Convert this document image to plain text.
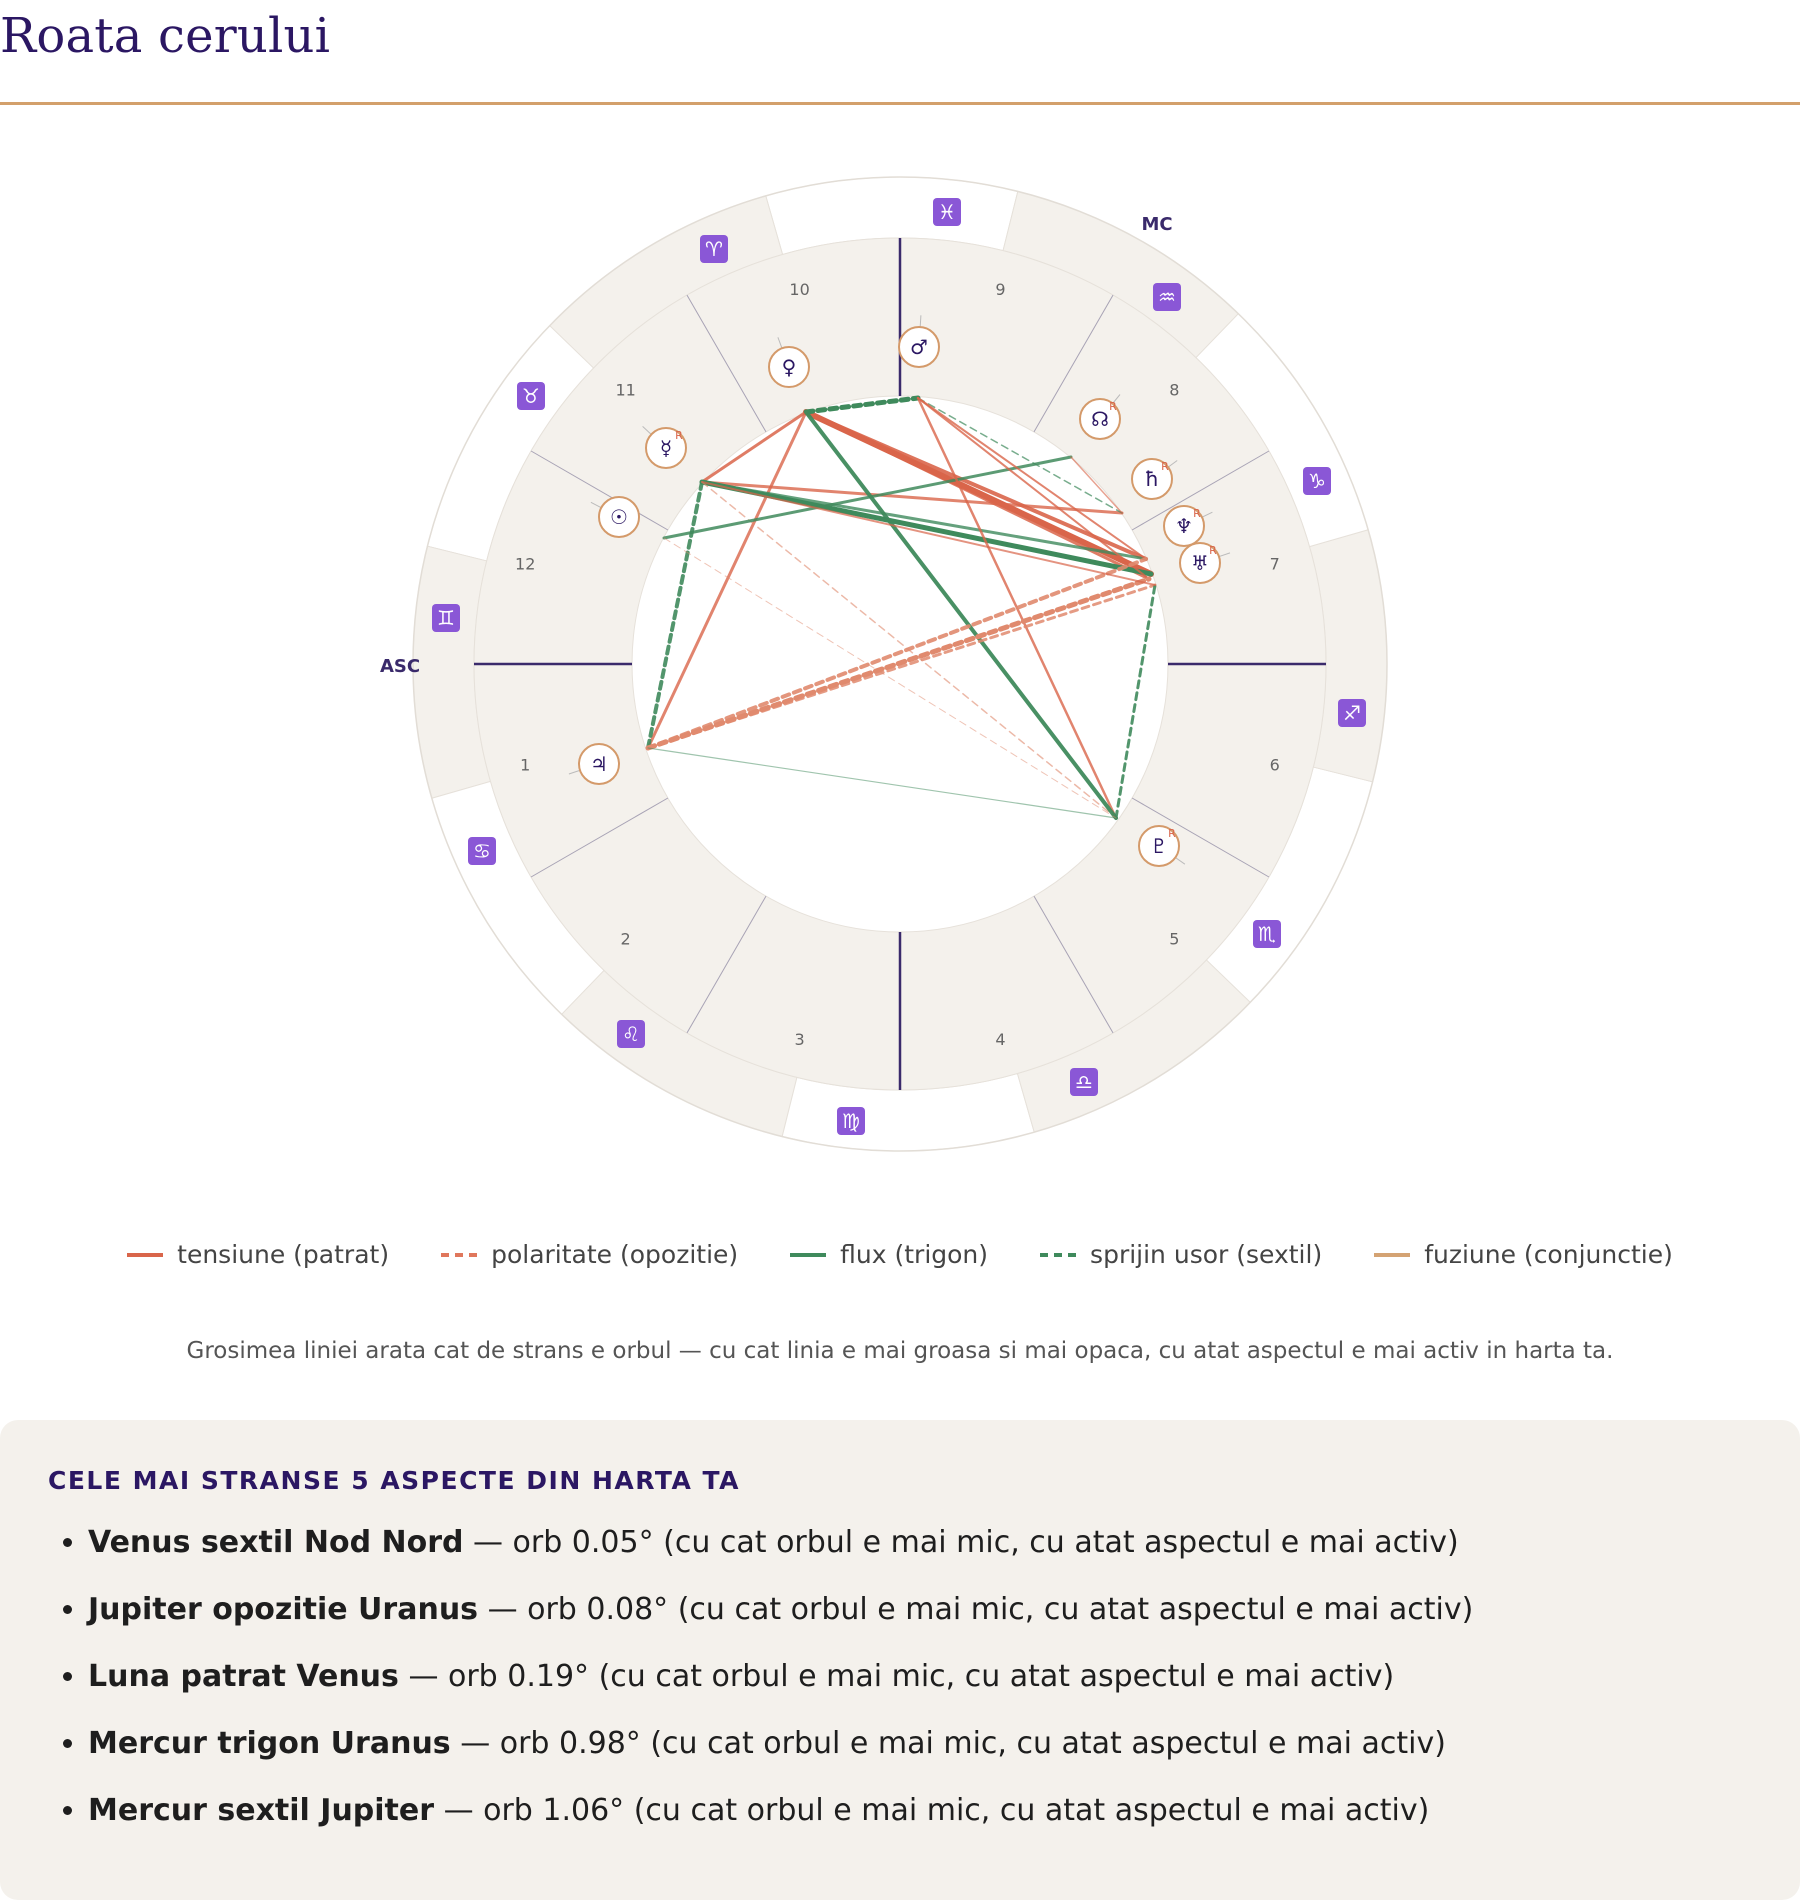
Roata cerului
1
2
3	4
5
6
7
8
9
10
11
12
ASC
MC
♈
♉
♊
♋
♌
♍
♎
♏
♐
♑
♒
♓
☉
☿
R
♀
♂
♃
ħ
R
♅
R
♆
R
♇
R
☊
R
tensiune (patrat)	polaritate (opozitie)	flux (trigon)	sprijin usor (sextil)	fuziune (conjunctie)
Grosimea liniei arata cat de strans e orbul — cu cat linia e mai groasa si mai opaca, cu atat aspectul e mai activ in harta ta.
CELE MAI STRANSE 5 ASPECTE DIN HARTA TA
• Venus sextil Nod Nord — orb 0.05° (cu cat orbul e mai mic, cu atat aspectul e mai activ)
• Jupiter opozitie Uranus — orb 0.08° (cu cat orbul e mai mic, cu atat aspectul e mai activ)
• Luna patrat Venus — orb 0.19° (cu cat orbul e mai mic, cu atat aspectul e mai activ)
• Mercur trigon Uranus — orb 0.98° (cu cat orbul e mai mic, cu atat aspectul e mai activ)
• Mercur sextil Jupiter — orb 1.06° (cu cat orbul e mai mic, cu atat aspectul e mai activ)
